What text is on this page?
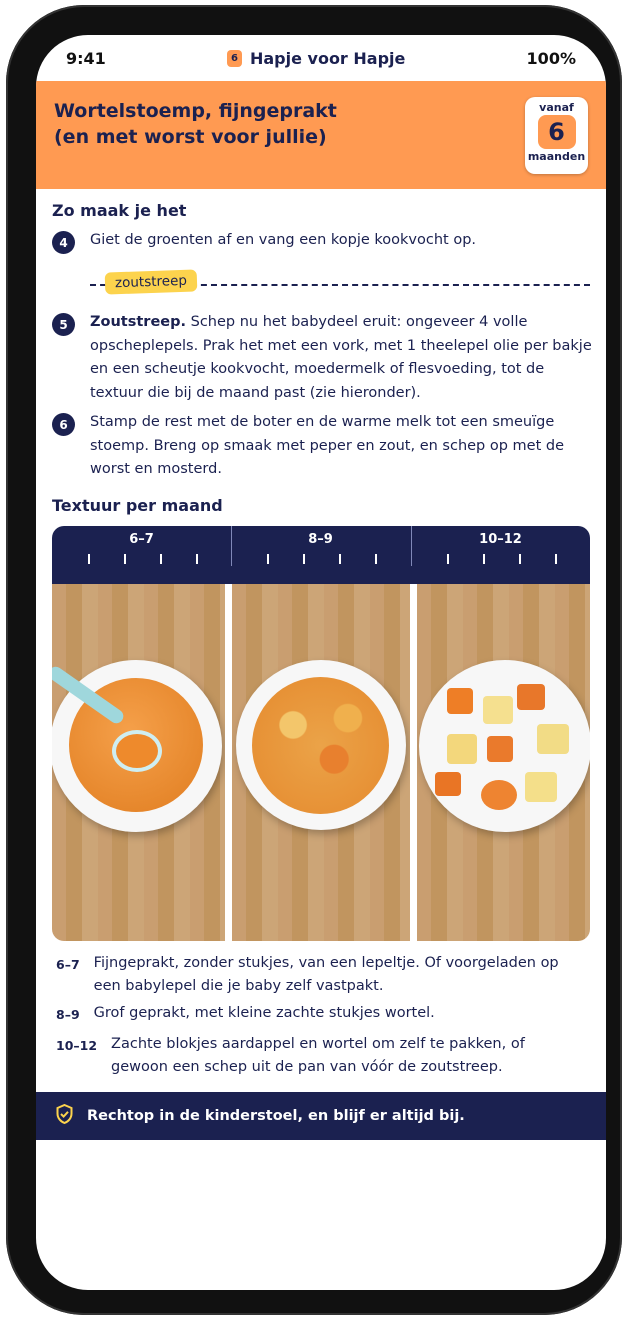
9:41	6 Hapje voor Hapje	100%
Wortelstoemp, fijngeprakt
(en met worst voor jullie)
vanaf
6
maanden
Zo maak je het
4	Giet de groenten af en vang een kopje kookvocht op.
zoutstreep
5	Zoutstreep. Schep nu het babydeel eruit: ongeveer 4 volle opscheplepels. Prak het met een vork, met 1 theelepel olie per bakje en een scheutje kookvocht, moedermelk of flesvoeding, tot de textuur die bij de maand past (zie hieronder).
6	Stamp de rest met de boter en de warme melk tot een smeuïge stoemp. Breng op smaak met peper en zout, en schep op met de worst en mosterd.
Textuur per maand
6–7	8–9	10–12
6–7 Fijngeprakt, zonder stukjes, van een lepeltje. Of voorgeladen op een babylepel die je baby zelf vastpakt.
8–9 Grof geprakt, met kleine zachte stukjes wortel.
10–12 Zachte blokjes aardappel en wortel om zelf te pakken, of gewoon een schep uit de pan van vóór de zoutstreep.
Rechtop in de kinderstoel, en blijf er altijd bij.
